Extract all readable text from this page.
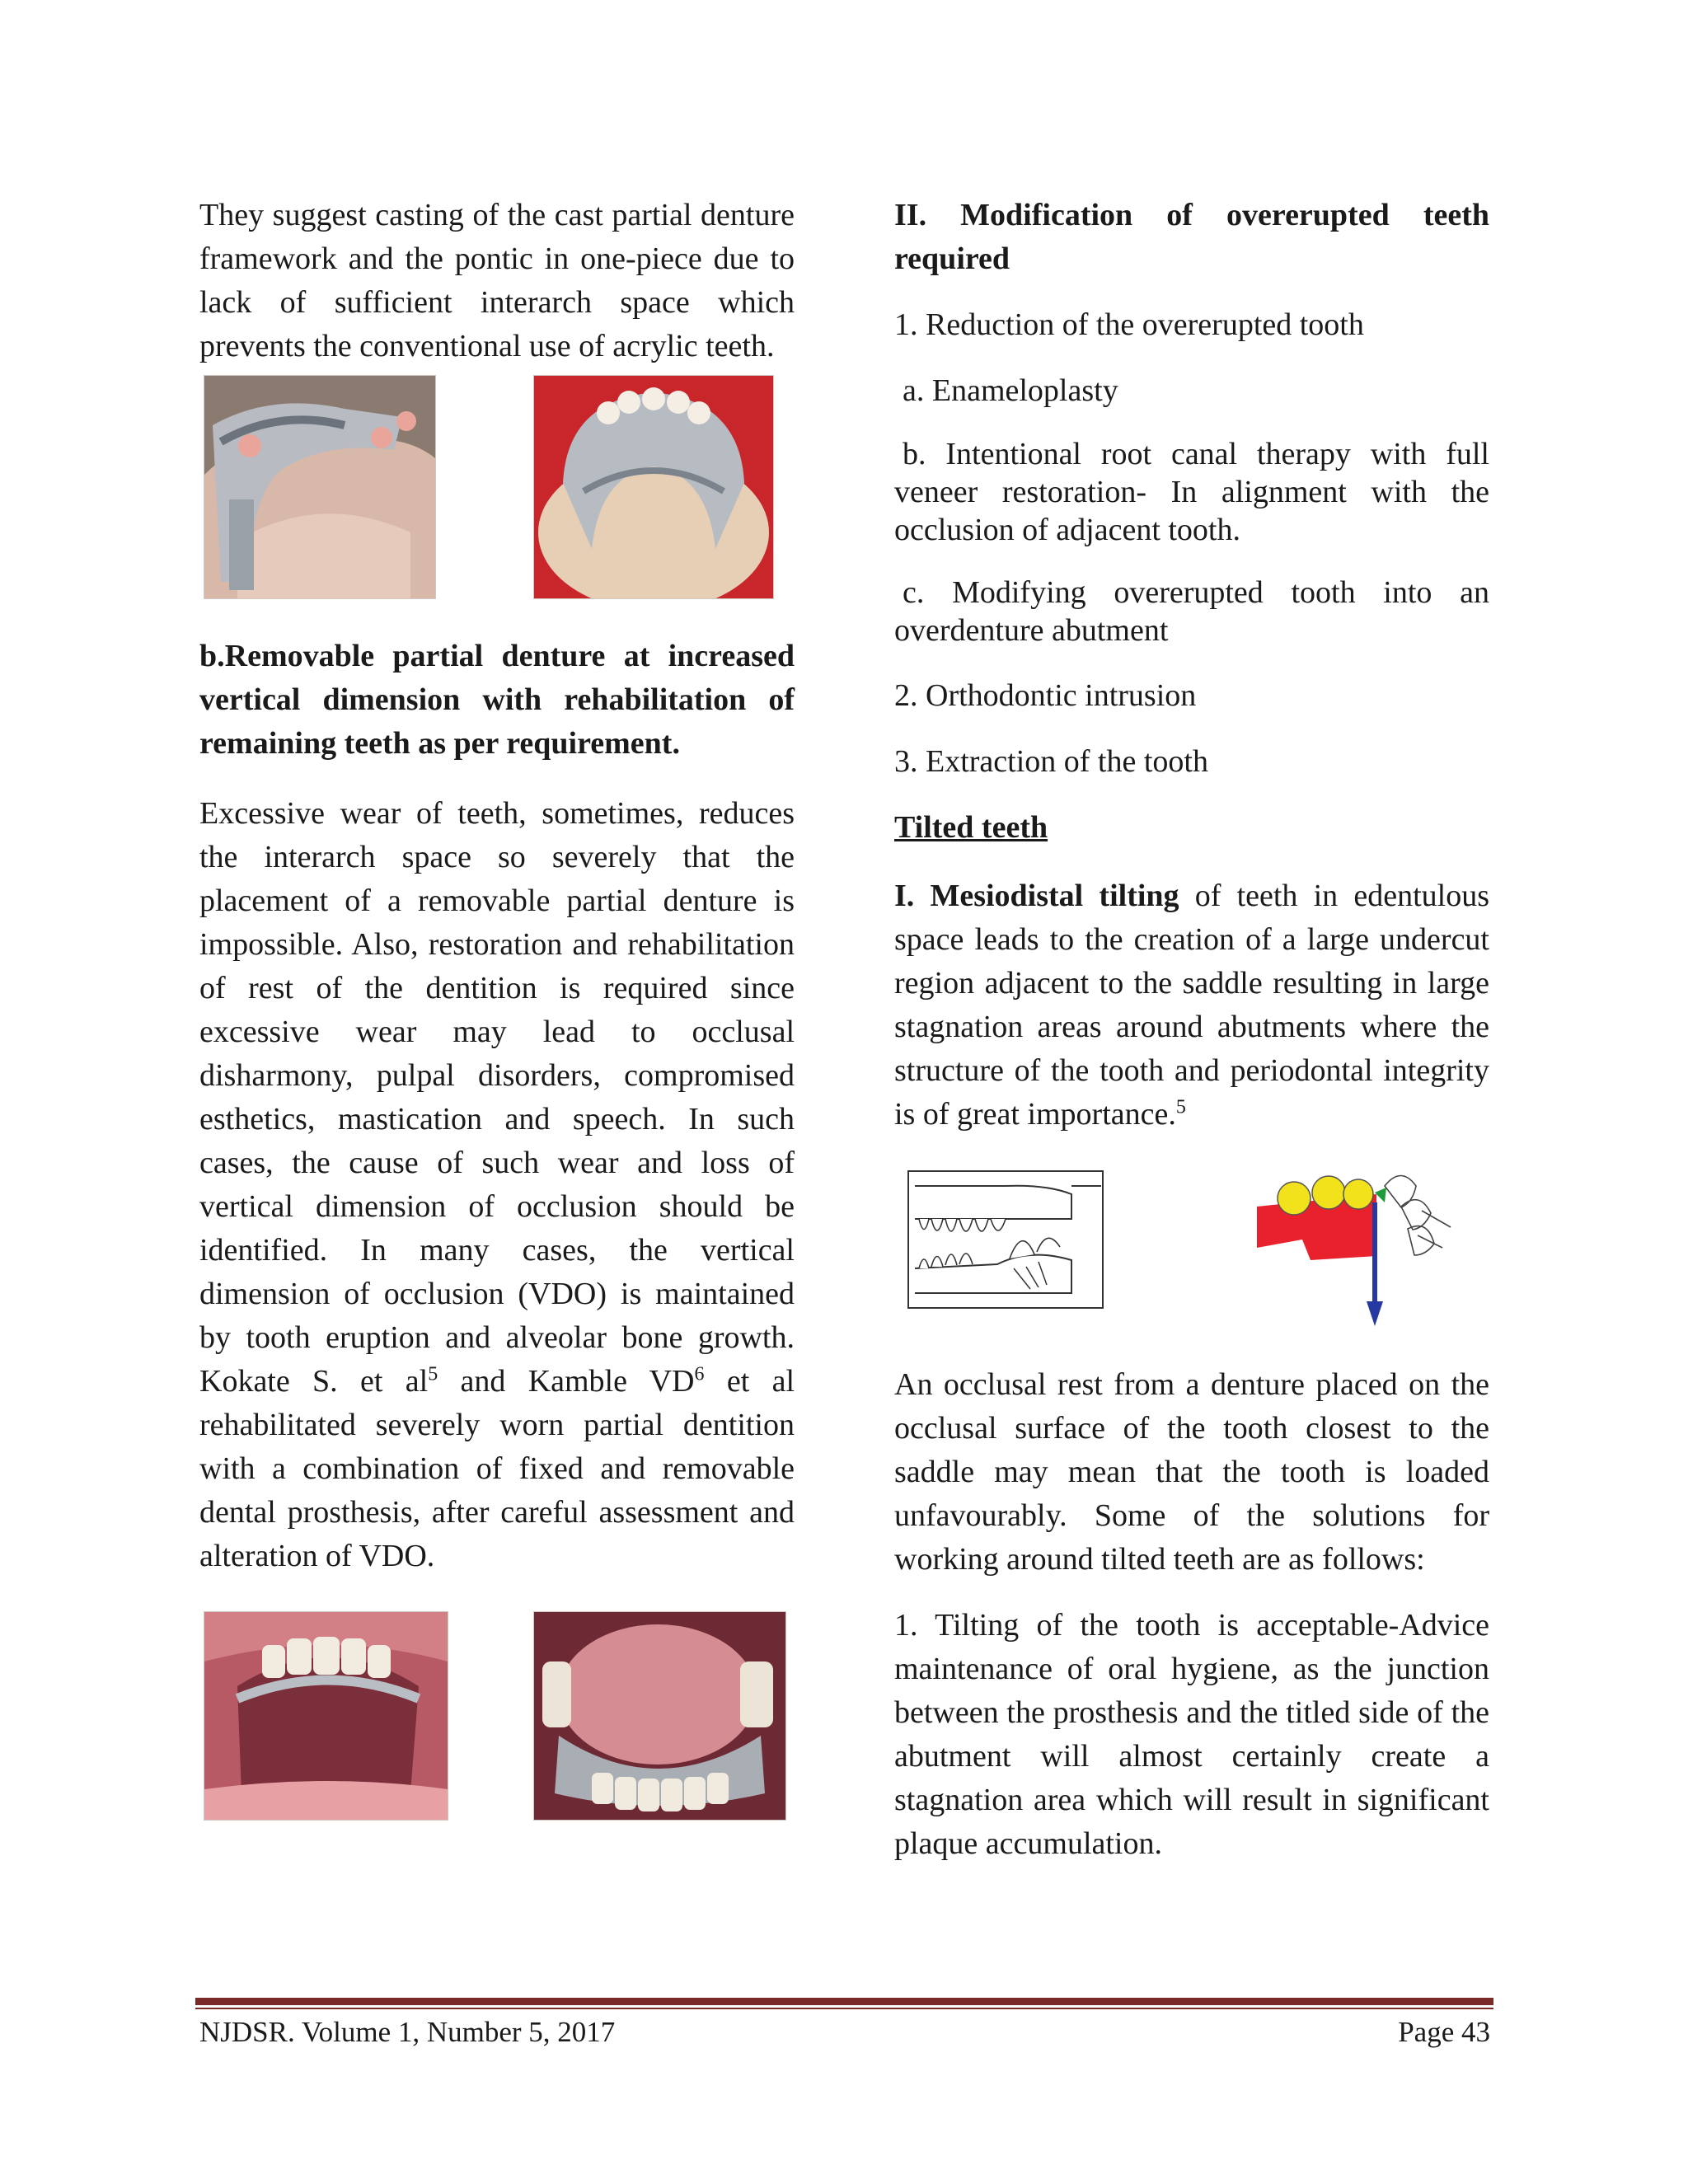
They suggest casting of the cast partial denture framework and the pontic in one-piece due to lack of sufficient interarch space which prevents the conventional use of acrylic teeth.

b.Removable partial denture at increased vertical dimension with rehabilitation of remaining teeth as per requirement.

Excessive wear of teeth, sometimes, reduces the interarch space so severely that the placement of a removable partial denture is impossible. Also, restoration and rehabilitation of rest of the dentition is required since excessive wear may lead to occlusal disharmony, pulpal disorders, compromised esthetics, mastication and speech. In such cases, the cause of such wear and loss of vertical dimension of occlusion should be identified. In many cases, the vertical dimension of occlusion (VDO) is maintained by tooth eruption and alveolar bone growth. Kokate S. et $al^5$ and Kamble $VD^6$ et al rehabilitated severely worn partial dentition with a combination of fixed and removable dental prosthesis, after careful assessment and alteration of VDO.

II. Modification of overerupted teeth required

1. Reduction of the overerupted tooth

a. Enameloplasty

b. Intentional root canal therapy with full veneer restoration- In alignment with the occlusion of adjacent tooth.

c. Modifying overerupted tooth into an overdenture abutment

2. Orthodontic intrusion

3. Extraction of the tooth

Tilted teeth

I. Mesiodistal tilting of teeth in edentulous space leads to the creation of a large undercut region adjacent to the saddle resulting in large stagnation areas around abutments where the structure of the tooth and periodontal integrity is of great importance.$^5$

An occlusal rest from a denture placed on the occlusal surface of the tooth closest to the saddle may mean that the tooth is loaded unfavourably. Some of the solutions for working around tilted teeth are as follows:

1. Tilting of the tooth is acceptable-Advice maintenance of oral hygiene, as the junction between the prosthesis and the titled side of the abutment will almost certainly create a stagnation area which will result in significant plaque accumulation.

NJDSR. Volume 1, Number 5, 2017	Page 43
